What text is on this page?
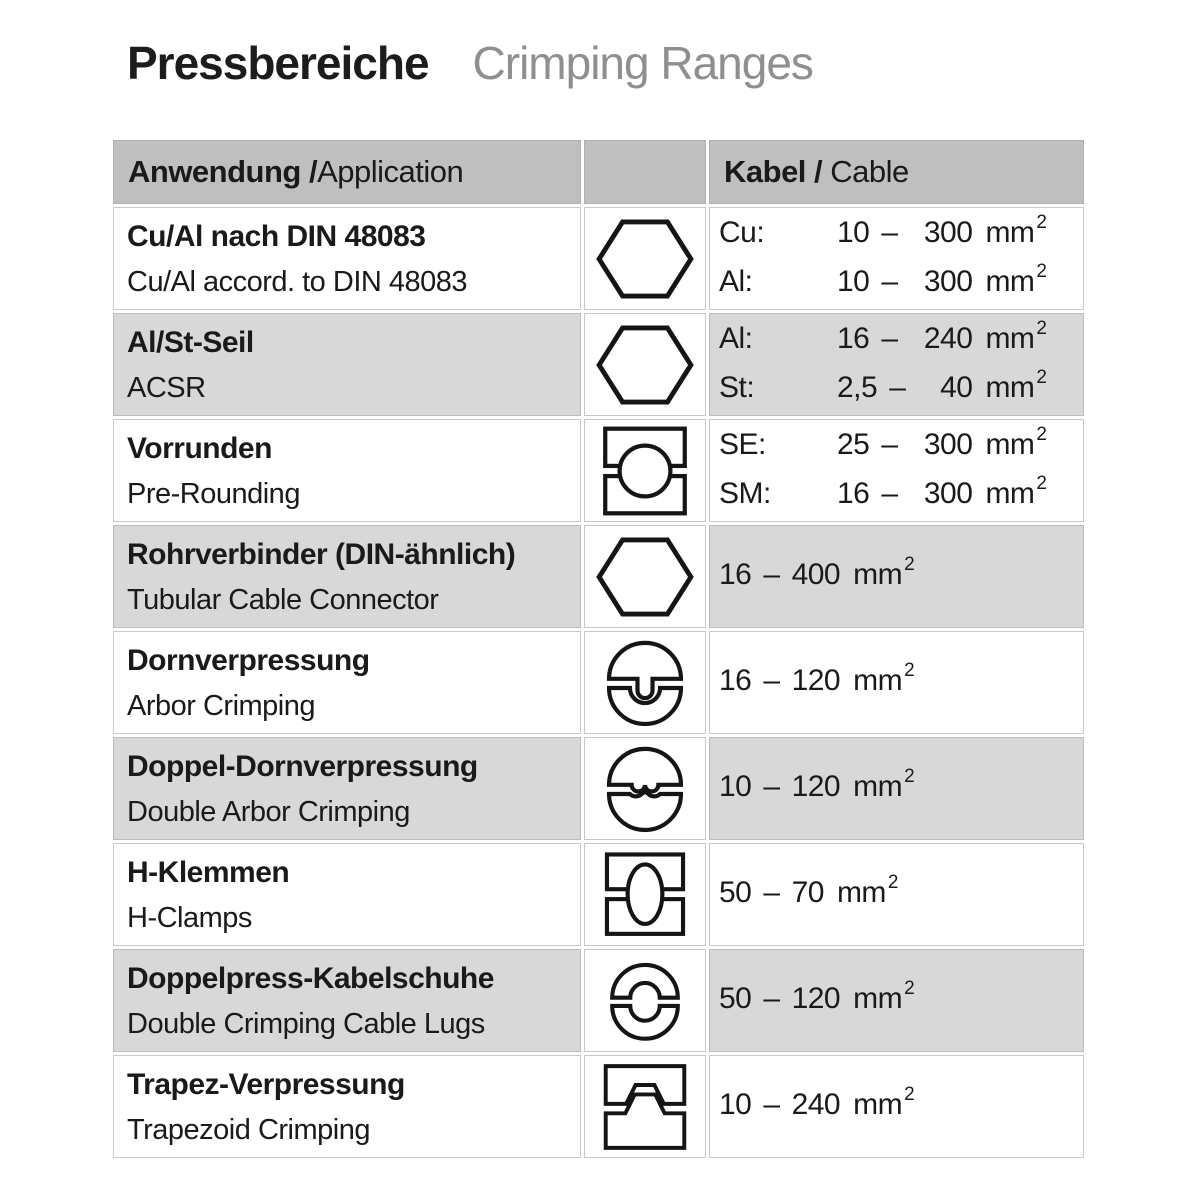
Pressbereiche Crimping Ranges
Anwendung / Application	Kabel / Cable
Cu/Al nach DIN 48083
Cu/Al accord. to DIN 48083
Cu:	10 – 300 mm 2
Al:	10 – 300 mm 2
Al/St-Seil
ACSR
Al:	16 – 240 mm 2
St:	2,5 – 40 mm 2
Vorrunden
Pre-Rounding
SE:	25 – 300 mm 2
SM:	16 – 300 mm 2
Rohrverbinder (DIN-ähnlich)
Tubular Cable Connector
16 – 400 mm 2
Dornverpressung
Arbor Crimping
16 – 120 mm 2
Doppel-Dornverpressung
Double Arbor Crimping
10 – 120 mm 2
H-Klemmen
H-Clamps
50 – 70 mm 2
Doppelpress-Kabelschuhe
Double Crimping Cable Lugs
50 – 120 mm 2
Trapez-Verpressung
Trapezoid Crimping
10 – 240 mm 2
